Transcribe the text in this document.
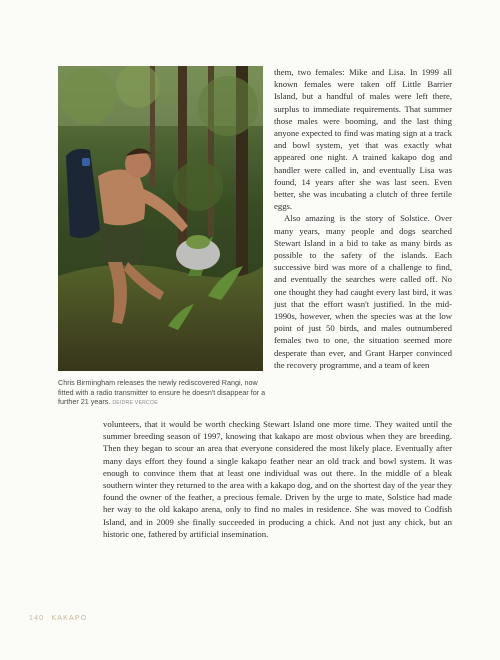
Chris Birmingham releases the newly rediscovered Rangi, now fitted with a radio transmitter to ensure he doesn't disappear for a further 21 years. DEIDRE VERCOE

them, two females: Mike and Lisa. In 1999 all known females were taken off Little Barrier Island, but a handful of males were left there, surplus to immediate requirements. That summer those males were booming, and the last thing anyone expected to find was mating sign at a track and bowl system, yet that was exactly what appeared one night. A trained kakapo dog and handler were called in, and eventually Lisa was found, 14 years after she was last seen. Even better, she was incubating a clutch of three fertile eggs.

Also amazing is the story of Solstice. Over many years, many people and dogs searched Stewart Island in a bid to take as many birds as possible to the safety of the islands. Each successive bird was more of a challenge to find, and eventually the searches were called off. No one thought they had caught every last bird, it was just that the effort wasn't justified. In the mid-1990s, however, when the species was at the low point of just 50 birds, and males outnumbered females two to one, the situation seemed more desperate than ever, and Grant Harper convinced the recovery programme, and a team of keen

volunteers, that it would be worth checking Stewart Island one more time. They waited until the summer breeding season of 1997, knowing that kakapo are most obvious when they are breeding. Then they began to scour an area that everyone considered the most likely place. Eventually after many days effort they found a single kakapo feather near an old track and bowl system. It was enough to convince them that at least one individual was out there. In the middle of a bleak southern winter they returned to the area with a kakapo dog, and on the shortest day of the year they found the owner of the feather, a precious female. Driven by the urge to mate, Solstice had made her way to the old kakapo arena, only to find no males in residence. She was moved to Codfish Island, and in 2009 she finally succeeded in producing a chick. And not just any chick, but an historic one, fathered by artificial insemination.

140 KAKAPO
